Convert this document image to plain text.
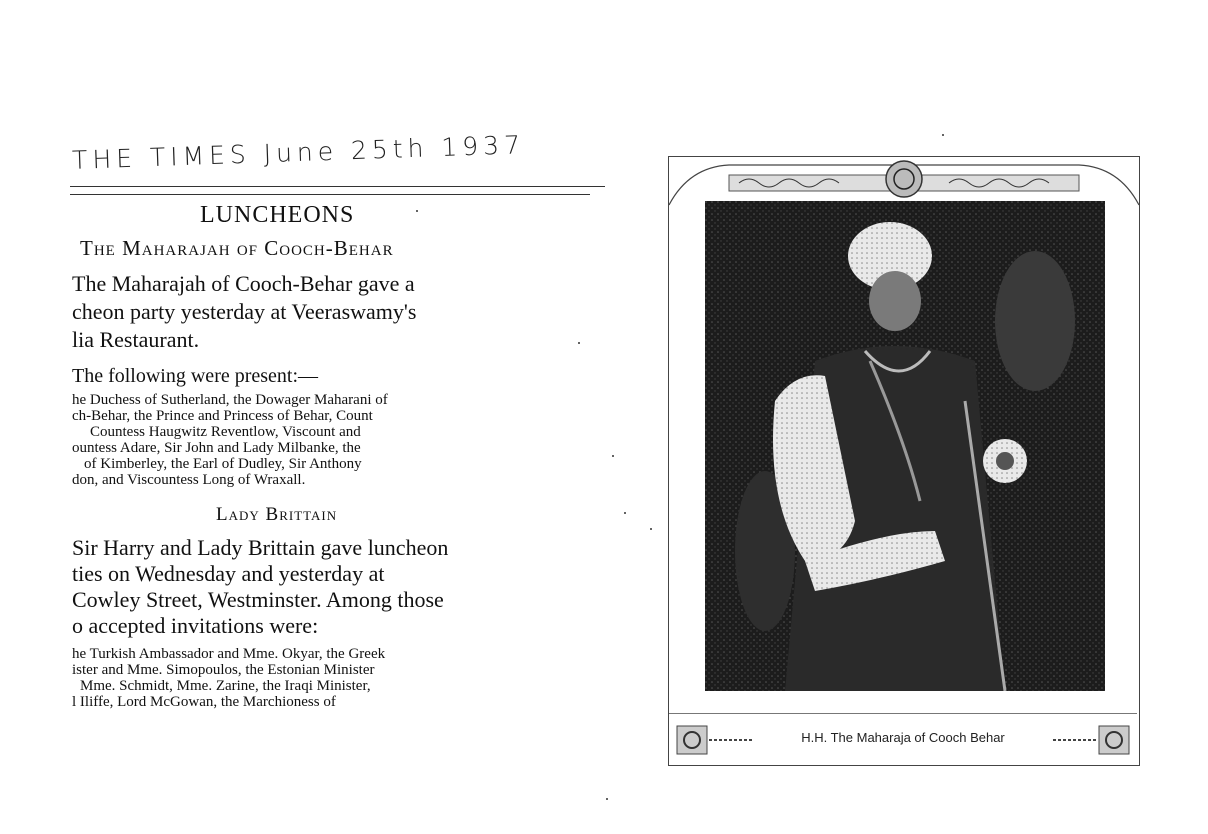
THE TIMES June 25th 1937
LUNCHEONS
The Maharajah of Cooch-Behar
The Maharajah of Cooch-Behar gave a
cheon party yesterday at Veeraswamy's
lia Restaurant.
The following were present:—
he Duchess of Sutherland, the Dowager Maharani of
ch-Behar, the Prince and Princess of Behar, Count
Countess Haugwitz Reventlow, Viscount and
ountess Adare, Sir John and Lady Milbanke, the
of Kimberley, the Earl of Dudley, Sir Anthony
don, and Viscountess Long of Wraxall.
Lady Brittain
Sir Harry and Lady Brittain gave luncheon
ties on Wednesday and yesterday at
Cowley Street, Westminster. Among those
o accepted invitations were:
he Turkish Ambassador and Mme. Okyar, the Greek
ister and Mme. Simopoulos, the Estonian Minister
Mme. Schmidt, Mme. Zarine, the Iraqi Minister,
l Iliffe, Lord McGowan, the Marchioness of
H.H. The Maharaja of Cooch Behar
